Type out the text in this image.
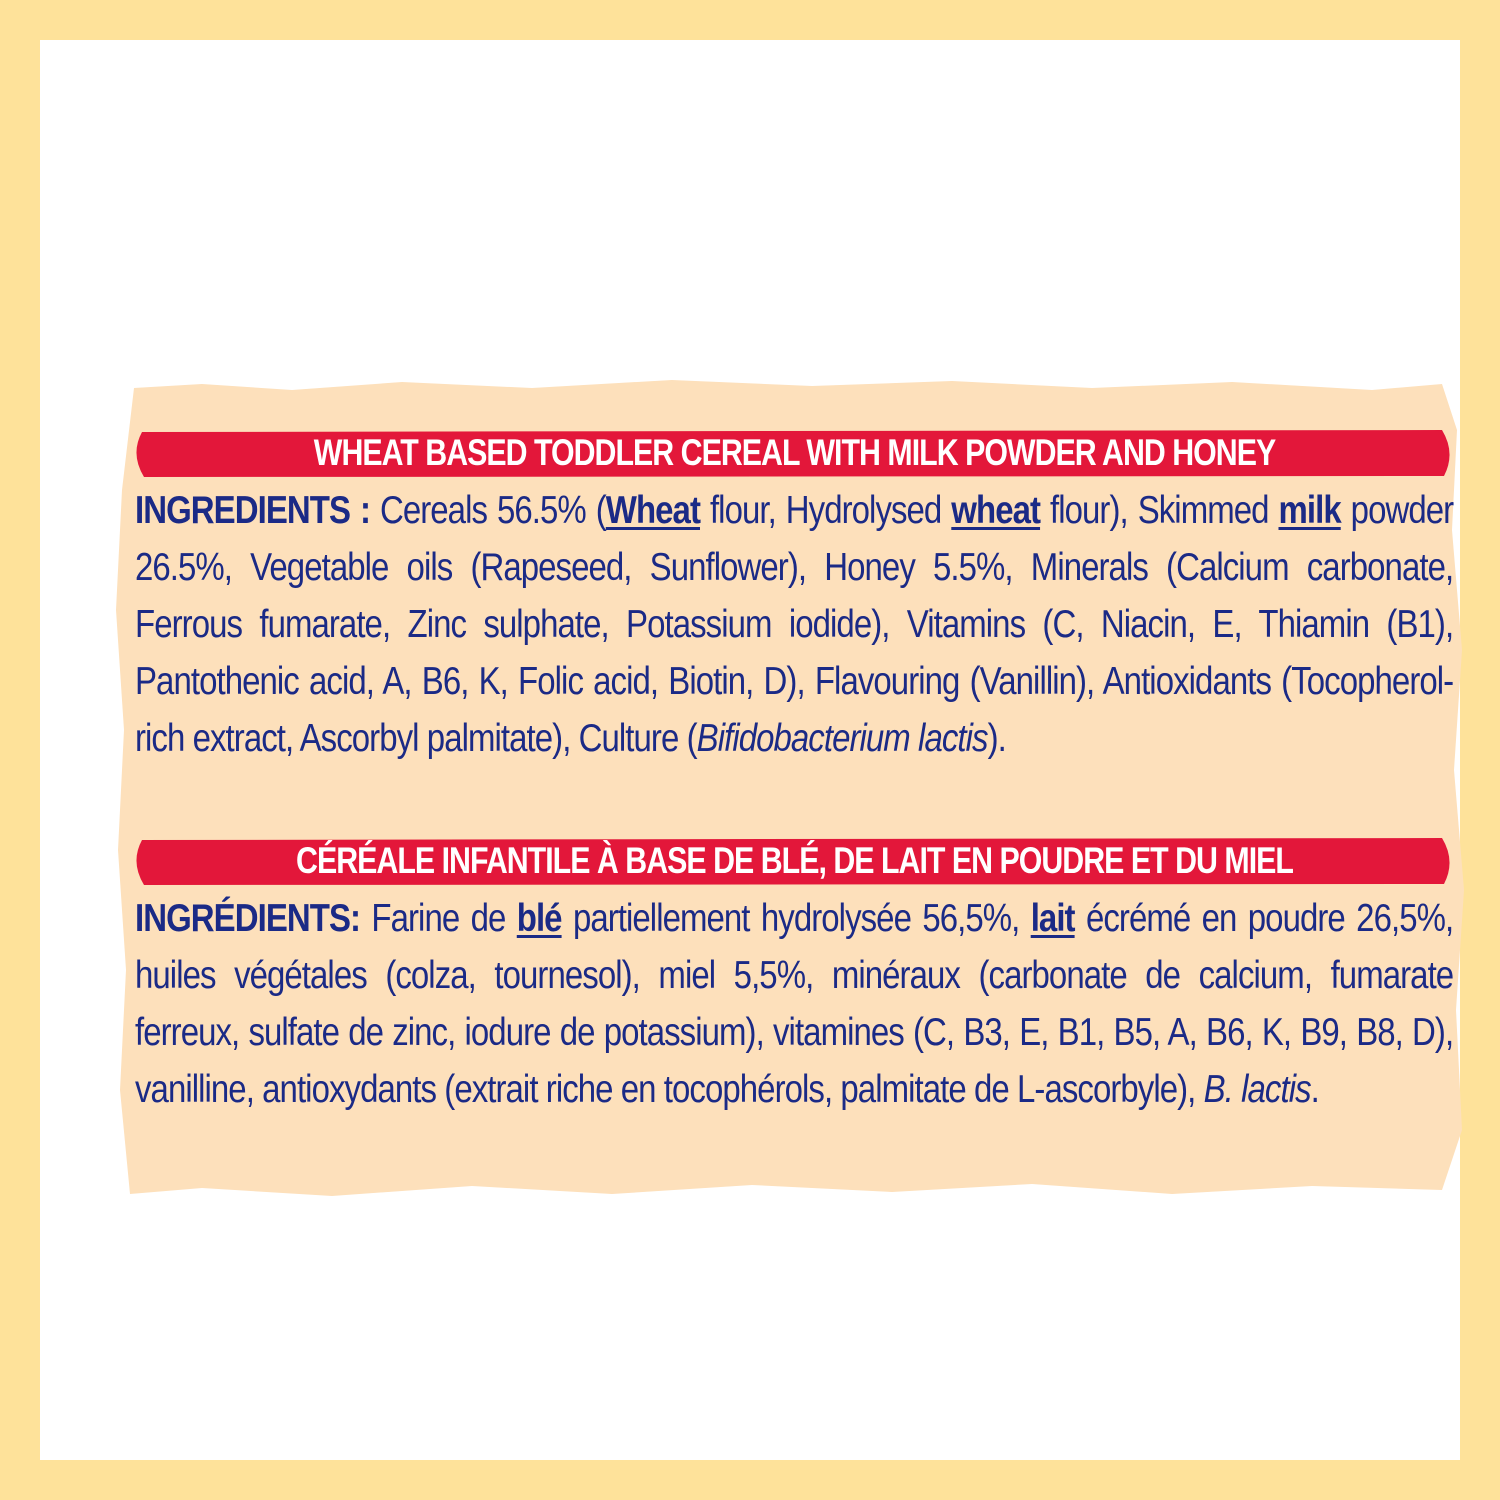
WHEAT BASED TODDLER CEREAL WITH MILK POWDER AND HONEY
INGREDIENTS : Cereals 56.5% (Wheat flour, Hydrolysed wheat flour), Skimmed milk powder 26.5%, Vegetable oils (Rapeseed, Sunflower), Honey 5.5%, Minerals (Calcium carbonate, Ferrous fumarate, Zinc sulphate, Potassium iodide), Vitamins (C, Niacin, E, Thiamin (B1), Pantothenic acid, A, B6, K, Folic acid, Biotin, D), Flavouring (Vanillin), Antioxidants (Tocopherol-rich extract, Ascorbyl palmitate), Culture (Bifidobacterium lactis).
CÉRÉALE INFANTILE À BASE DE BLÉ, DE LAIT EN POUDRE ET DU MIEL
INGRÉDIENTS: Farine de blé partiellement hydrolysée 56,5%, lait écrémé en poudre 26,5%, huiles végétales (colza, tournesol), miel 5,5%, minéraux (carbonate de calcium, fumarate ferreux, sulfate de zinc, iodure de potassium), vitamines (C, B3, E, B1, B5, A, B6, K, B9, B8, D), vanilline, antioxydants (extrait riche en tocophérols, palmitate de L-ascorbyle), B. lactis.
